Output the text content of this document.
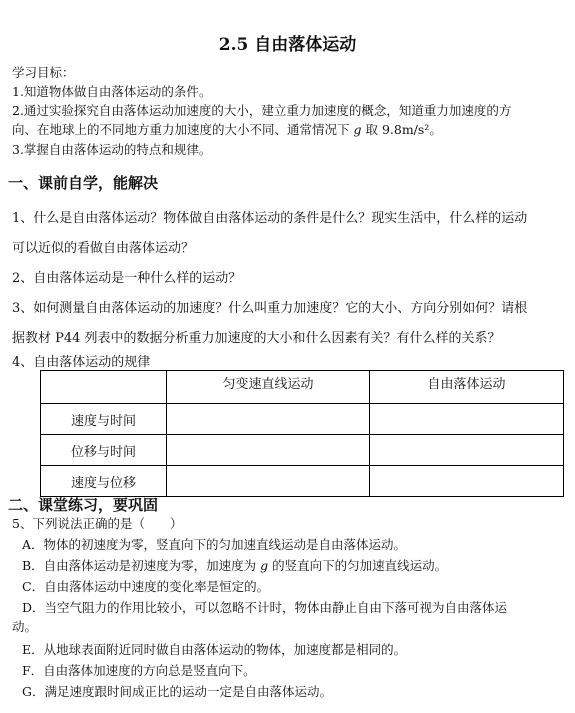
2.5 自由落体运动
学习目标：
1.知道物体做自由落体运动的条件。
2.通过实验探究自由落体运动加速度的大小，建立重力加速度的概念，知道重力加速度的方
向、在地球上的不同地方重力加速度的大小不同、通常情况下 g 取 9.8m/s²。
3.掌握自由落体运动的特点和规律。
一、课前自学，能解决
1、什么是自由落体运动？物体做自由落体运动的条件是什么？现实生活中，什么样的运动
可以近似的看做自由落体运动？
2、自由落体运动是一种什么样的运动？
3、如何测量自由落体运动的加速度？什么叫重力加速度？它的大小、方向分别如何？请根
据教材 P44 列表中的数据分析重力加速度的大小和什么因素有关？有什么样的关系？
4、自由落体运动的规律
	匀变速直线运动	自由落体运动
速度与时间		
位移与时间		
速度与位移		
二、课堂练习，要巩固
5、下列说法正确的是（　　）
A．物体的初速度为零，竖直向下的匀加速直线运动是自由落体运动。
B．自由落体运动是初速度为零，加速度为 g 的竖直向下的匀加速直线运动。
C．自由落体运动中速度的变化率是恒定的。
D．当空气阻力的作用比较小，可以忽略不计时，物体由静止自由下落可视为自由落体运
动。
E．从地球表面附近同时做自由落体运动的物体，加速度都是相同的。
F．自由落体加速度的方向总是竖直向下。
G．满足速度跟时间成正比的运动一定是自由落体运动。
